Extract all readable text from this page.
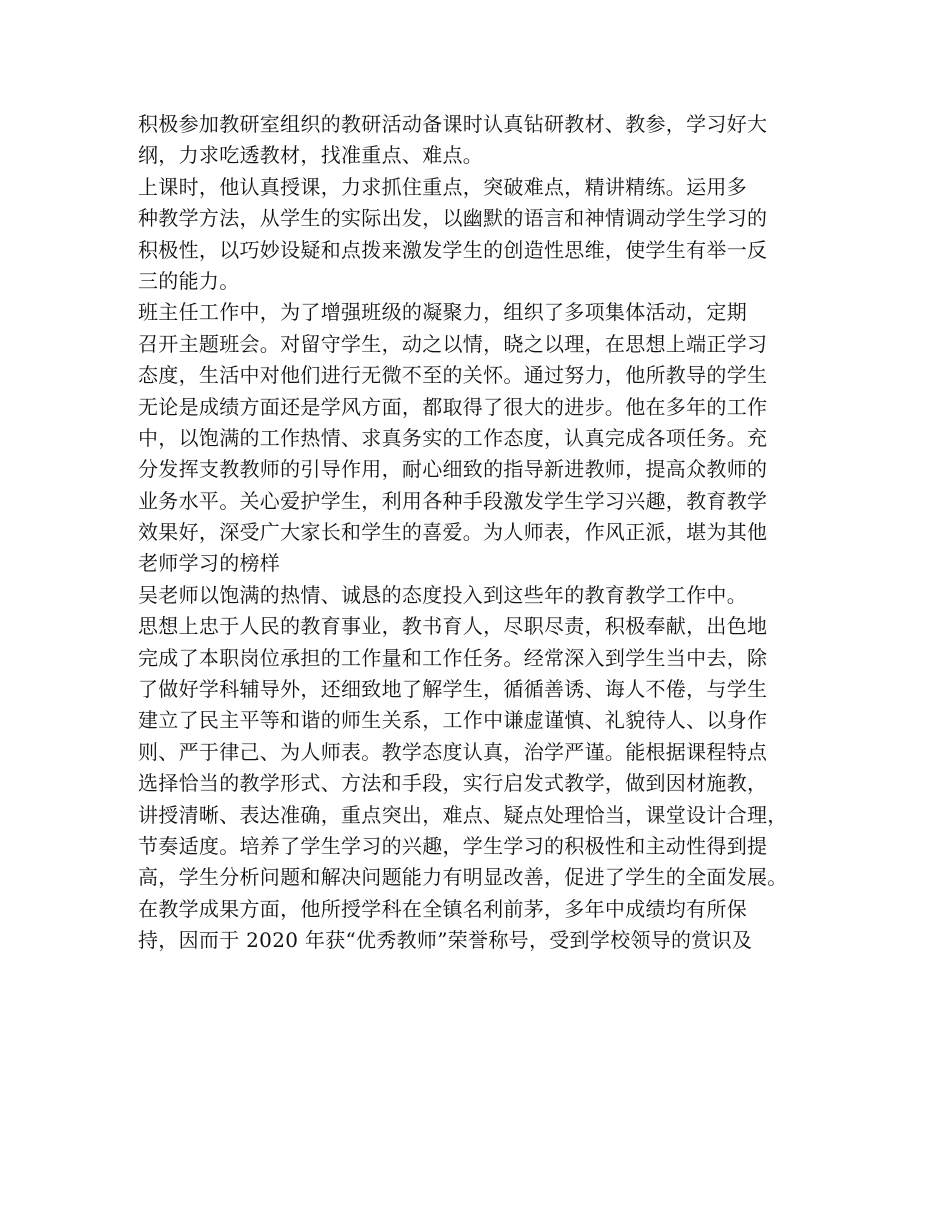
积极参加教研室组织的教研活动备课时认真钻研教材、教参，学习好大
纲，力求吃透教材，找准重点、难点。
上课时，他认真授课，力求抓住重点，突破难点，精讲精练。运用多
种教学方法，从学生的实际出发，以幽默的语言和神情调动学生学习的
积极性，以巧妙设疑和点拨来激发学生的创造性思维，使学生有举一反
三的能力。
班主任工作中，为了增强班级的凝聚力，组织了多项集体活动，定期
召开主题班会。对留守学生，动之以情，晓之以理，在思想上端正学习
态度，生活中对他们进行无微不至的关怀。通过努力，他所教导的学生
无论是成绩方面还是学风方面，都取得了很大的进步。他在多年的工作
中，以饱满的工作热情、求真务实的工作态度，认真完成各项任务。充
分发挥支教教师的引导作用，耐心细致的指导新进教师，提高众教师的
业务水平。关心爱护学生，利用各种手段激发学生学习兴趣，教育教学
效果好，深受广大家长和学生的喜爱。为人师表，作风正派，堪为其他
老师学习的榜样
吴老师以饱满的热情、诚恳的态度投入到这些年的教育教学工作中。
思想上忠于人民的教育事业，教书育人，尽职尽责，积极奉献，出色地
完成了本职岗位承担的工作量和工作任务。经常深入到学生当中去，除
了做好学科辅导外，还细致地了解学生，循循善诱、诲人不倦，与学生
建立了民主平等和谐的师生关系，工作中谦虚谨慎、礼貌待人、以身作
则、严于律己、为人师表。教学态度认真，治学严谨。能根据课程特点
选择恰当的教学形式、方法和手段，实行启发式教学，做到因材施教，
讲授清晰、表达准确，重点突出，难点、疑点处理恰当，课堂设计合理，
节奏适度。培养了学生学习的兴趣，学生学习的积极性和主动性得到提
高，学生分析问题和解决问题能力有明显改善，促进了学生的全面发展。
在教学成果方面，他所授学科在全镇名利前茅，多年中成绩均有所保
持，因而于 2020 年获“优秀教师”荣誉称号，受到学校领导的赏识及
